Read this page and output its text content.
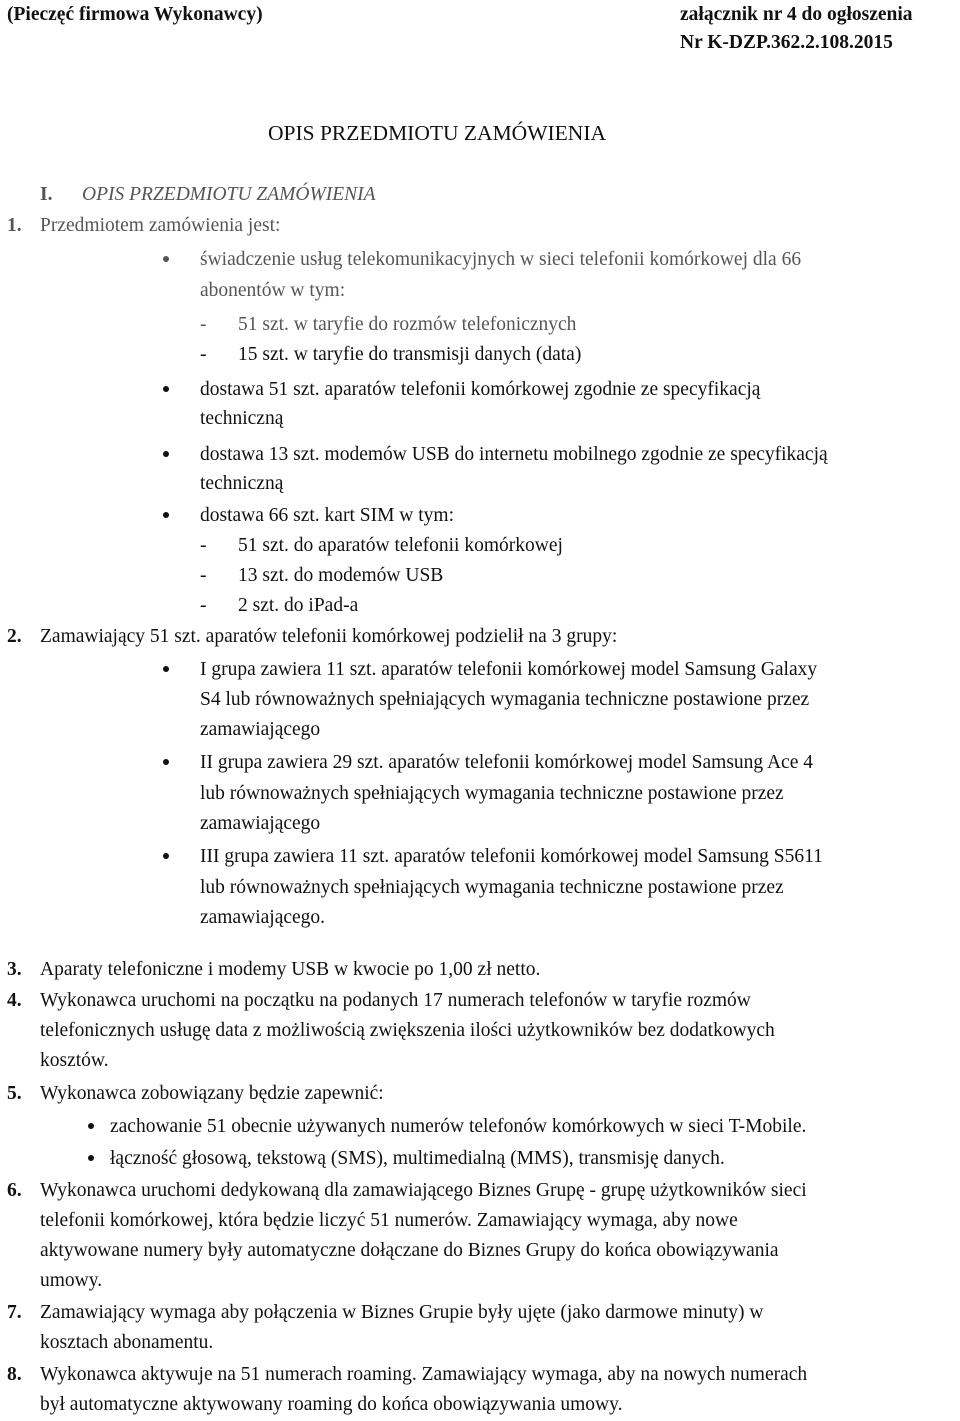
(Pieczęć firmowa Wykonawcy)	załącznik nr 4 do ogłoszenia
Nr K-DZP.362.2.108.2015
OPIS PRZEDMIOTU ZAMÓWIENIA
I. OPIS PRZEDMIOTU ZAMÓWIENIA
1. Przedmiotem zamówienia jest:
świadczenie usług telekomunikacyjnych w sieci telefonii komórkowej dla 66
abonentów w tym:
- 51 szt. w taryfie do rozmów telefonicznych
- 15 szt. w taryfie do transmisji danych (data)
dostawa 51 szt. aparatów telefonii komórkowej zgodnie ze specyfikacją
techniczną
dostawa 13 szt. modemów USB do internetu mobilnego zgodnie ze specyfikacją
techniczną
dostawa 66 szt. kart SIM w tym:
- 51 szt. do aparatów telefonii komórkowej
- 13 szt. do modemów USB
- 2 szt. do iPad-a
2. Zamawiający 51 szt. aparatów telefonii komórkowej podzielił na 3 grupy:
I grupa zawiera 11 szt. aparatów telefonii komórkowej model Samsung Galaxy
S4 lub równoważnych spełniających wymagania techniczne postawione przez
zamawiającego
II grupa zawiera 29 szt. aparatów telefonii komórkowej model Samsung Ace 4
lub równoważnych spełniających wymagania techniczne postawione przez
zamawiającego
III grupa zawiera 11 szt. aparatów telefonii komórkowej model Samsung S5611
lub równoważnych spełniających wymagania techniczne postawione przez
zamawiającego.
3. Aparaty telefoniczne i modemy USB w kwocie po 1,00 zł netto.
4. Wykonawca uruchomi na początku na podanych 17 numerach telefonów w taryfie rozmów
telefonicznych usługę data z możliwością zwiększenia ilości użytkowników bez dodatkowych
kosztów.
5. Wykonawca zobowiązany będzie zapewnić:
zachowanie 51 obecnie używanych numerów telefonów komórkowych w sieci T-Mobile.
łączność głosową, tekstową (SMS), multimedialną (MMS), transmisję danych.
6. Wykonawca uruchomi dedykowaną dla zamawiającego Biznes Grupę - grupę użytkowników sieci
telefonii komórkowej, która będzie liczyć 51 numerów. Zamawiający wymaga, aby nowe
aktywowane numery były automatyczne dołączane do Biznes Grupy do końca obowiązywania
umowy.
7. Zamawiający wymaga aby połączenia w Biznes Grupie były ujęte (jako darmowe minuty) w
kosztach abonamentu.
8. Wykonawca aktywuje na 51 numerach roaming. Zamawiający wymaga, aby na nowych numerach
był automatyczne aktywowany roaming do końca obowiązywania umowy.
